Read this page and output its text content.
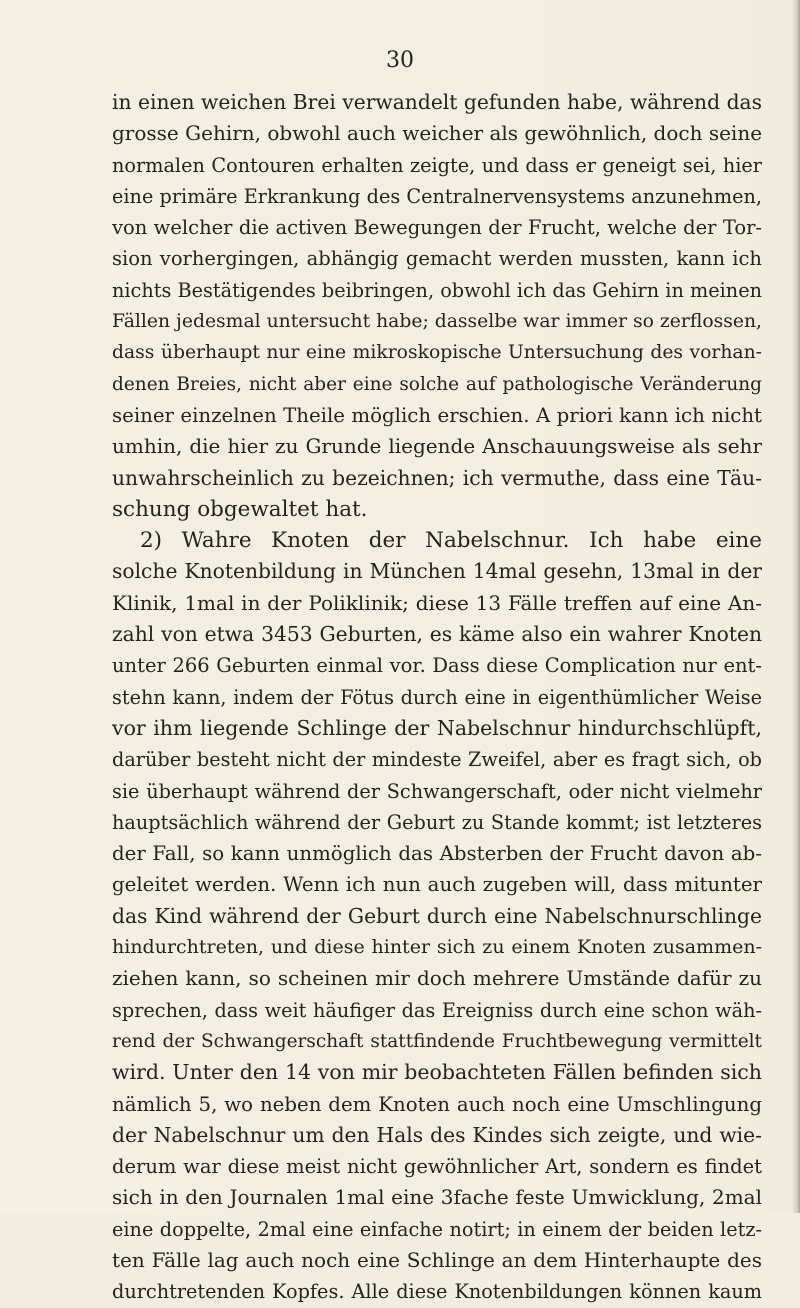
30
in einen weichen Brei verwandelt gefunden habe, während das
grosse Gehirn, obwohl auch weicher als gewöhnlich, doch seine
normalen Contouren erhalten zeigte, und dass er geneigt sei, hier
eine primäre Erkrankung des Centralnervensystems anzunehmen,
von welcher die activen Bewegungen der Frucht, welche der Tor-
sion vorhergingen, abhängig gemacht werden mussten, kann ich
nichts Bestätigendes beibringen, obwohl ich das Gehirn in meinen
Fällen jedesmal untersucht habe; dasselbe war immer so zerflossen,
dass überhaupt nur eine mikroskopische Untersuchung des vorhan-
denen Breies, nicht aber eine solche auf pathologische Veränderung
seiner einzelnen Theile möglich erschien. A priori kann ich nicht
umhin, die hier zu Grunde liegende Anschauungsweise als sehr
unwahrscheinlich zu bezeichnen; ich vermuthe, dass eine Täu-
schung obgewaltet hat.
2) Wahre Knoten der Nabelschnur. Ich habe eine
solche Knotenbildung in München 14mal gesehn, 13mal in der
Klinik, 1mal in der Poliklinik; diese 13 Fälle treffen auf eine An-
zahl von etwa 3453 Geburten, es käme also ein wahrer Knoten
unter 266 Geburten einmal vor. Dass diese Complication nur ent-
stehn kann, indem der Fötus durch eine in eigenthümlicher Weise
vor ihm liegende Schlinge der Nabelschnur hindurchschlüpft,
darüber besteht nicht der mindeste Zweifel, aber es fragt sich, ob
sie überhaupt während der Schwangerschaft, oder nicht vielmehr
hauptsächlich während der Geburt zu Stande kommt; ist letzteres
der Fall, so kann unmöglich das Absterben der Frucht davon ab-
geleitet werden. Wenn ich nun auch zugeben will, dass mitunter
das Kind während der Geburt durch eine Nabelschnurschlinge
hindurchtreten, und diese hinter sich zu einem Knoten zusammen-
ziehen kann, so scheinen mir doch mehrere Umstände dafür zu
sprechen, dass weit häufiger das Ereigniss durch eine schon wäh-
rend der Schwangerschaft stattfindende Fruchtbewegung vermittelt
wird. Unter den 14 von mir beobachteten Fällen befinden sich
nämlich 5, wo neben dem Knoten auch noch eine Umschlingung
der Nabelschnur um den Hals des Kindes sich zeigte, und wie-
derum war diese meist nicht gewöhnlicher Art, sondern es findet
sich in den Journalen 1mal eine 3fache feste Umwicklung, 2mal
eine doppelte, 2mal eine einfache notirt; in einem der beiden letz-
ten Fälle lag auch noch eine Schlinge an dem Hinterhaupte des
durchtretenden Kopfes. Alle diese Knotenbildungen können kaum
